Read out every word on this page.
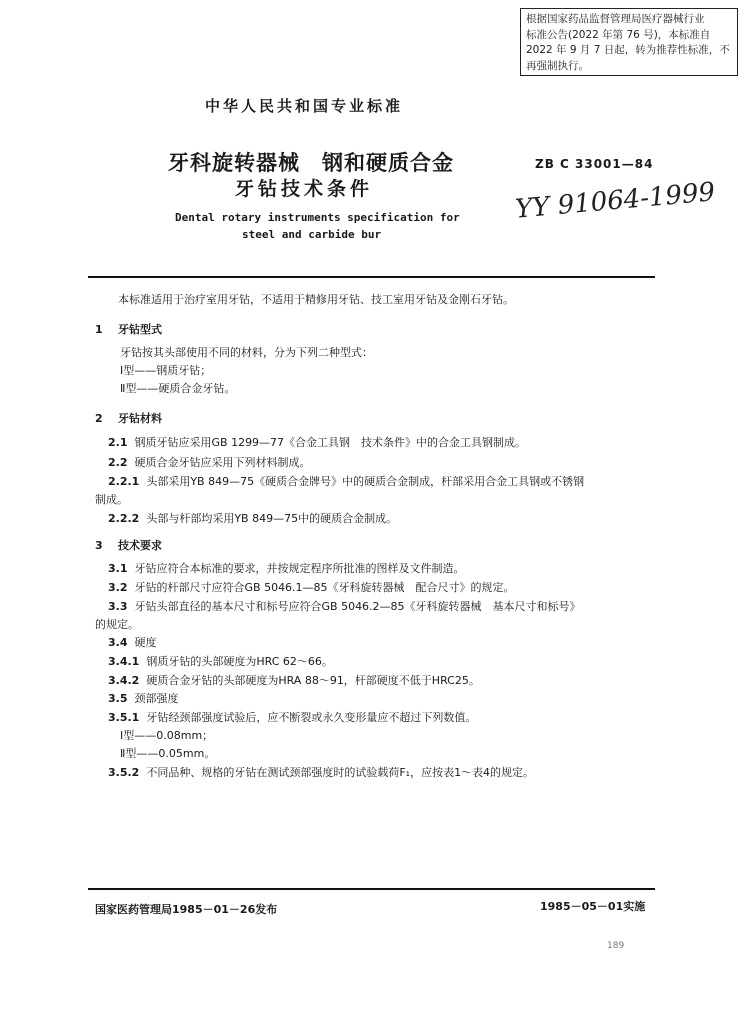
根据国家药品监督管理局医疗器械行业
标准公告(2022 年第 76 号)，本标准自
2022 年 9 月 7 日起，转为推荐性标准，不
再强制执行。
中华人民共和国专业标准
牙科旋转器械　钢和硬质合金
牙钻技术条件
ZB C 33001—84
YY 91064-1999
Dental rotary instruments specification for
steel and carbide bur
本标准适用于治疗室用牙钻，不适用于精修用牙钻、技工室用牙钻及金刚石牙钻。
1 牙钻型式
牙钻按其头部使用不同的材料，分为下列二种型式：
Ⅰ型——钢质牙钻；
Ⅱ型——硬质合金牙钻。
2 牙钻材料
2.1 钢质牙钻应采用GB 1299—77《合金工具钢　技术条件》中的合金工具钢制成。
2.2 硬质合金牙钻应采用下列材料制成。
2.2.1 头部采用YB 849—75《硬质合金牌号》中的硬质合金制成，杆部采用合金工具钢或不锈钢
制成。
2.2.2 头部与杆部均采用YB 849—75中的硬质合金制成。
3 技术要求
3.1 牙钻应符合本标准的要求，并按规定程序所批准的图样及文件制造。
3.2 牙钻的杆部尺寸应符合GB 5046.1—85《牙科旋转器械　配合尺寸》的规定。
3.3 牙钻头部直径的基本尺寸和标号应符合GB 5046.2—85《牙科旋转器械　基本尺寸和标号》
的规定。
3.4 硬度
3.4.1 钢质牙钻的头部硬度为HRC 62～66。
3.4.2 硬质合金牙钻的头部硬度为HRA 88～91，杆部硬度不低于HRC25。
3.5 颈部强度
3.5.1 牙钻经颈部强度试验后，应不断裂或永久变形量应不超过下列数值。
Ⅰ型——0.08mm；
Ⅱ型——0.05mm。
3.5.2 不同品种、规格的牙钻在测试颈部强度时的试验载荷F₁，应按表1～表4的规定。
国家医药管理局1985－01－26发布	1985－05－01实施
189
